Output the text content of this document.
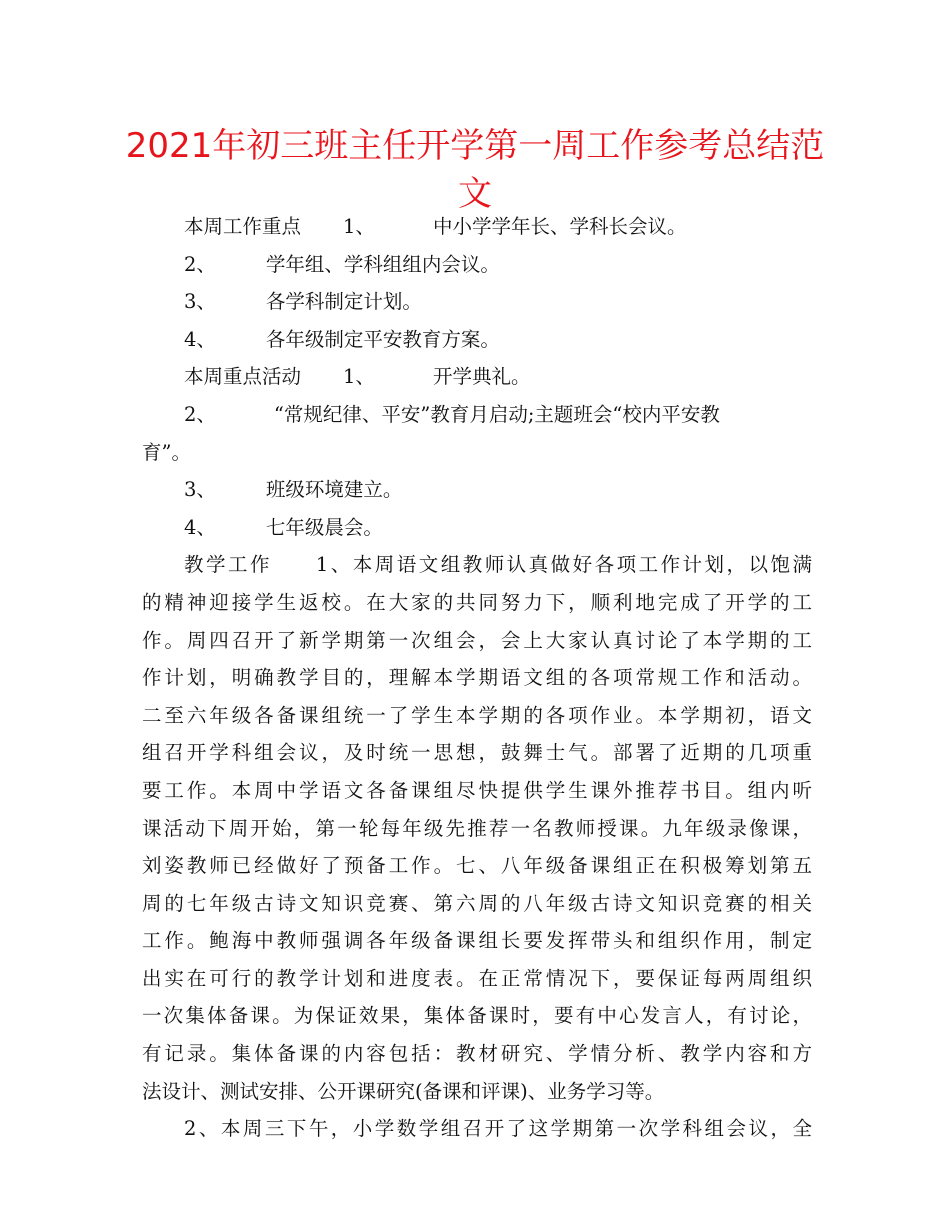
2021年初三班主任开学第一周工作参考总结范
文
本周工作重点 1、	中小学学年长、学科长会议。
2、	学年组、学科组组内会议。
3、	各学科制定计划。
4、	各年级制定平安教育方案。
本周重点活动 1、	开学典礼。
2、	“常规纪律、平安”教育月启动;主题班会“校内平安教
育”。
3、	班级环境建立。
4、	七年级晨会。
教学工作　　1、本周语文组教师认真做好各项工作计划，以饱满
的精神迎接学生返校。在大家的共同努力下，顺利地完成了开学的工
作。周四召开了新学期第一次组会，会上大家认真讨论了本学期的工
作计划，明确教学目的，理解本学期语文组的各项常规工作和活动。
二至六年级各备课组统一了学生本学期的各项作业。本学期初，语文
组召开学科组会议，及时统一思想，鼓舞士气。部署了近期的几项重
要工作。本周中学语文各备课组尽快提供学生课外推荐书目。组内听
课活动下周开始，第一轮每年级先推荐一名教师授课。九年级录像课，
刘姿教师已经做好了预备工作。七、八年级备课组正在积极筹划第五
周的七年级古诗文知识竞赛、第六周的八年级古诗文知识竞赛的相关
工作。鲍海中教师强调各年级备课组长要发挥带头和组织作用，制定
出实在可行的教学计划和进度表。在正常情况下，要保证每两周组织
一次集体备课。为保证效果，集体备课时，要有中心发言人，有讨论，
有记录。集体备课的内容包括：教材研究、学情分析、教学内容和方
法设计、测试安排、公开课研究(备课和评课)、业务学习等。
2、本周三下午，小学数学组召开了这学期第一次学科组会议，全
